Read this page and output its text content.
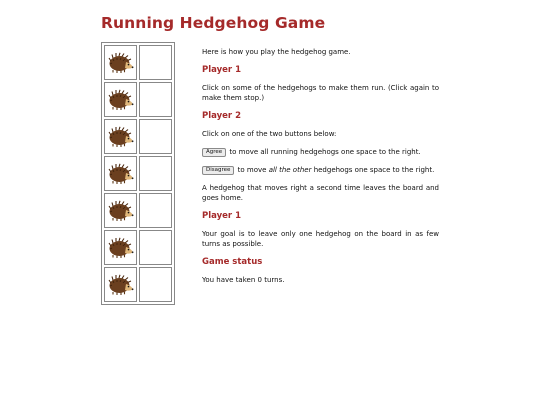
Running Hedgehog Game

Here is how you play the hedgehog game.

Player 1

Click on some of the hedgehogs to make them run. (Click again to make them stop.)

Player 2

Click on one of the two buttons below:

Agree to move all running hedgehogs one space to the right.

Disagree to move all the other hedgehogs one space to the right.

A hedgehog that moves right a second time leaves the board and goes home.

Player 1

Your goal is to leave only one hedgehog on the board in as few turns as possible.

Game status

You have taken 0 turns.
